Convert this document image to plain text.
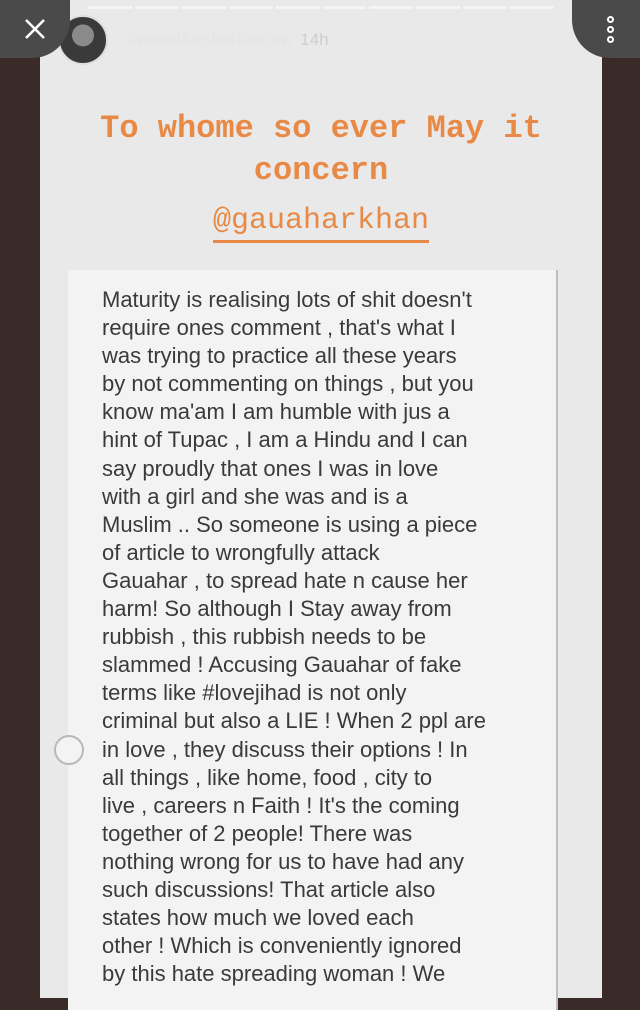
therealkushaltandon 14h
To whome so ever May it concern
@gauaharkhan
Maturity is realising lots of shit doesn't
require ones comment , that's what I
was trying to practice all these years
by not commenting on things , but you
know ma'am I am humble with jus a
hint of Tupac , I am a Hindu and I can
say proudly that ones I was in love
with a girl and she was and is a
Muslim .. So someone is using a piece
of article to wrongfully attack
Gauahar , to spread hate n cause her
harm! So although I Stay away from
rubbish , this rubbish needs to be
slammed ! Accusing Gauahar of fake
terms like #lovejihad is not only
criminal but also a LIE ! When 2 ppl are
in love , they discuss their options ! In
all things , like home, food , city to
live , careers n Faith ! It's the coming
together of 2 people! There was
nothing wrong for us to have had any
such discussions! That article also
states how much we loved each
other ! Which is conveniently ignored
by this hate spreading woman ! We
